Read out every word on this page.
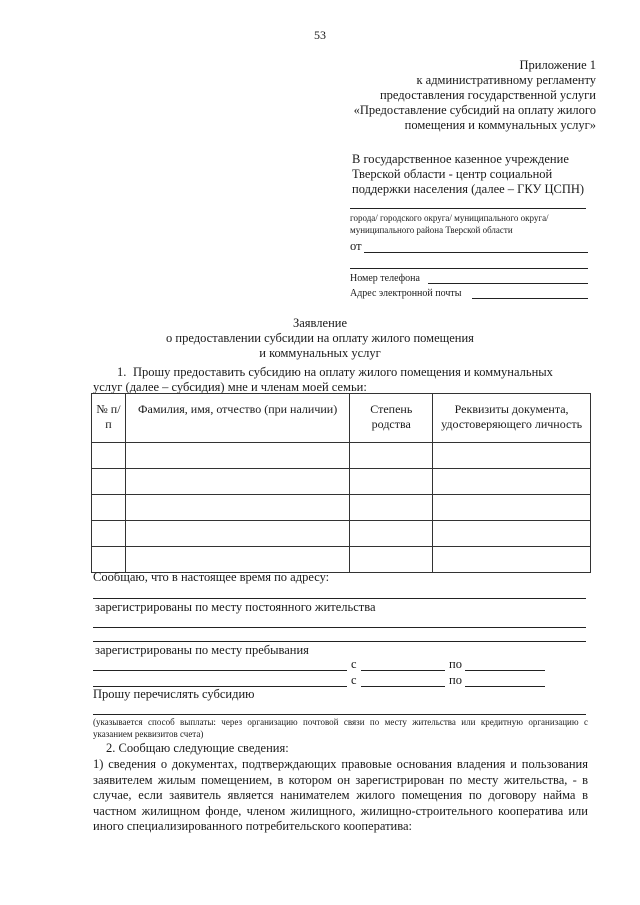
53
Приложение 1
к административному регламенту
предоставления государственной услуги
«Предоставление субсидий на оплату жилого
помещения и коммунальных услуг»
В государственное казенное учреждение
Тверской области - центр социальной
поддержки населения (далее – ГКУ ЦСПН)
города/ городского округа/ муниципального округа/
муниципального района Тверской области
от
Номер телефона
Адрес электронной почты
Заявление
о предоставлении субсидии на оплату жилого помещения
и коммунальных услуг
1. Прошу предоставить субсидию на оплату жилого помещения и коммунальных
услуг (далее – субсидия) мне и членам моей семьи:
№ п/п	Фамилия, имя, отчество (при наличии)	Степень родства	Реквизиты документа, удостоверяющего личность

Сообщаю, что в настоящее время по адресу:
зарегистрированы по месту постоянного жительства
зарегистрированы по месту пребывания
с	по
с	по
Прошу перечислять субсидию
(указывается способ выплаты: через организацию почтовой связи по месту жительства или кредитную организацию с указанием реквизитов счета)
2. Сообщаю следующие сведения:
1) сведения о документах, подтверждающих правовые основания владения и пользования заявителем жилым помещением, в котором он зарегистрирован по месту жительства, - в случае, если заявитель является нанимателем жилого помещения по договору найма в частном жилищном фонде, членом жилищного, жилищно-строительного кооператива или иного специализированного потребительского кооператива:
